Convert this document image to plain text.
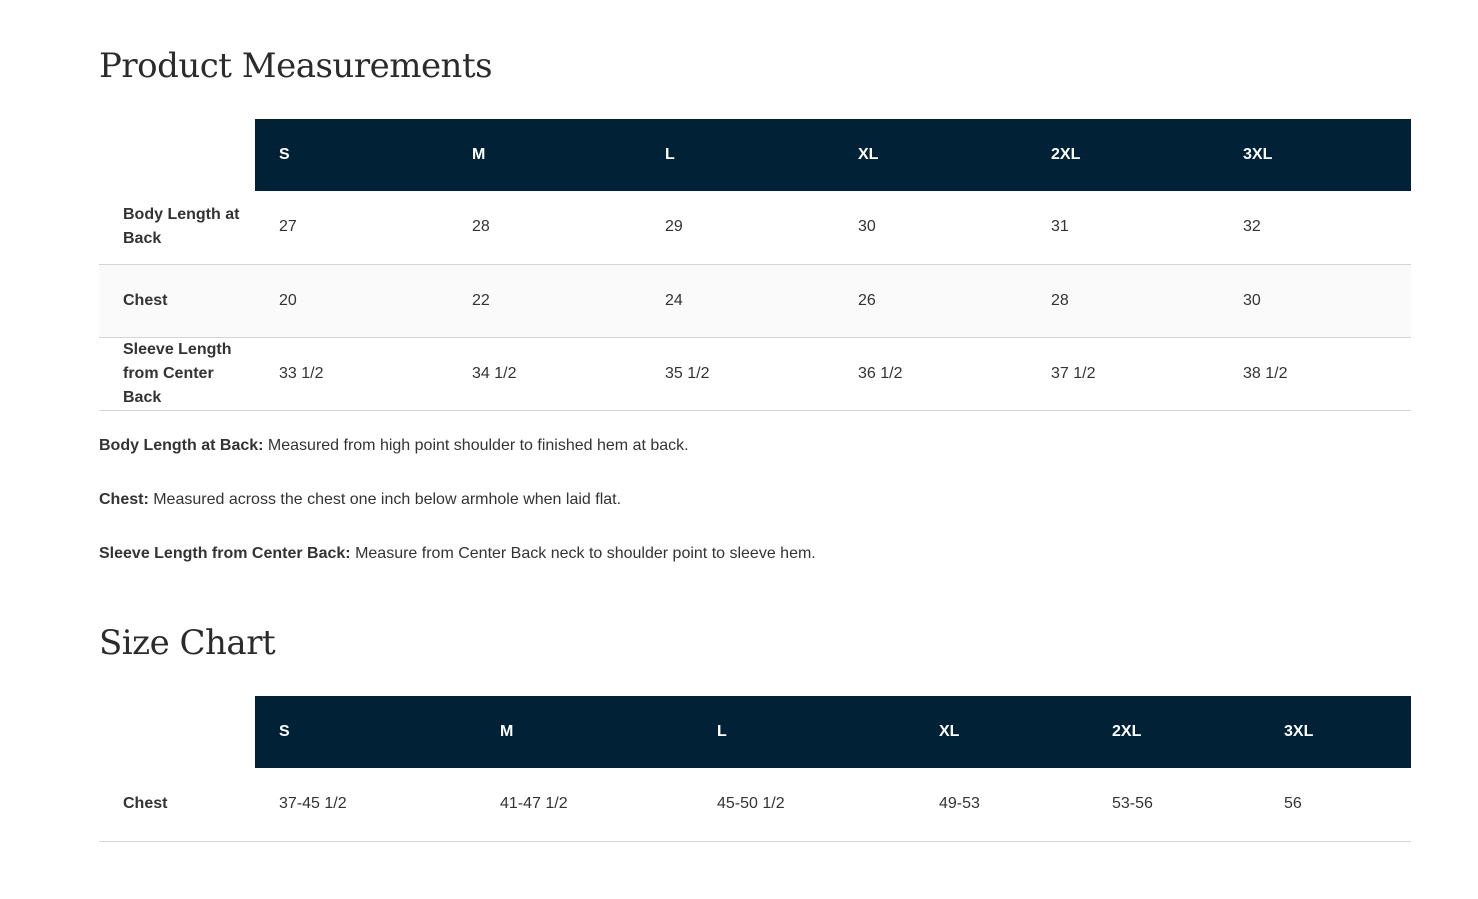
Product Measurements
	S	M	L	XL	2XL	3XL
Body Length at Back	27	28	29	30	31	32
Chest	20	22	24	26	28	30
Sleeve Length from Center Back	33 1/2	34 1/2	35 1/2	36 1/2	37 1/2	38 1/2

Body Length at Back: Measured from high point shoulder to finished hem at back.

Chest: Measured across the chest one inch below armhole when laid flat.

Sleeve Length from Center Back: Measure from Center Back neck to shoulder point to sleeve hem.

Size Chart
	S	M	L	XL	2XL	3XL
Chest	37-45 1/2	41-47 1/2	45-50 1/2	49-53	53-56	56
